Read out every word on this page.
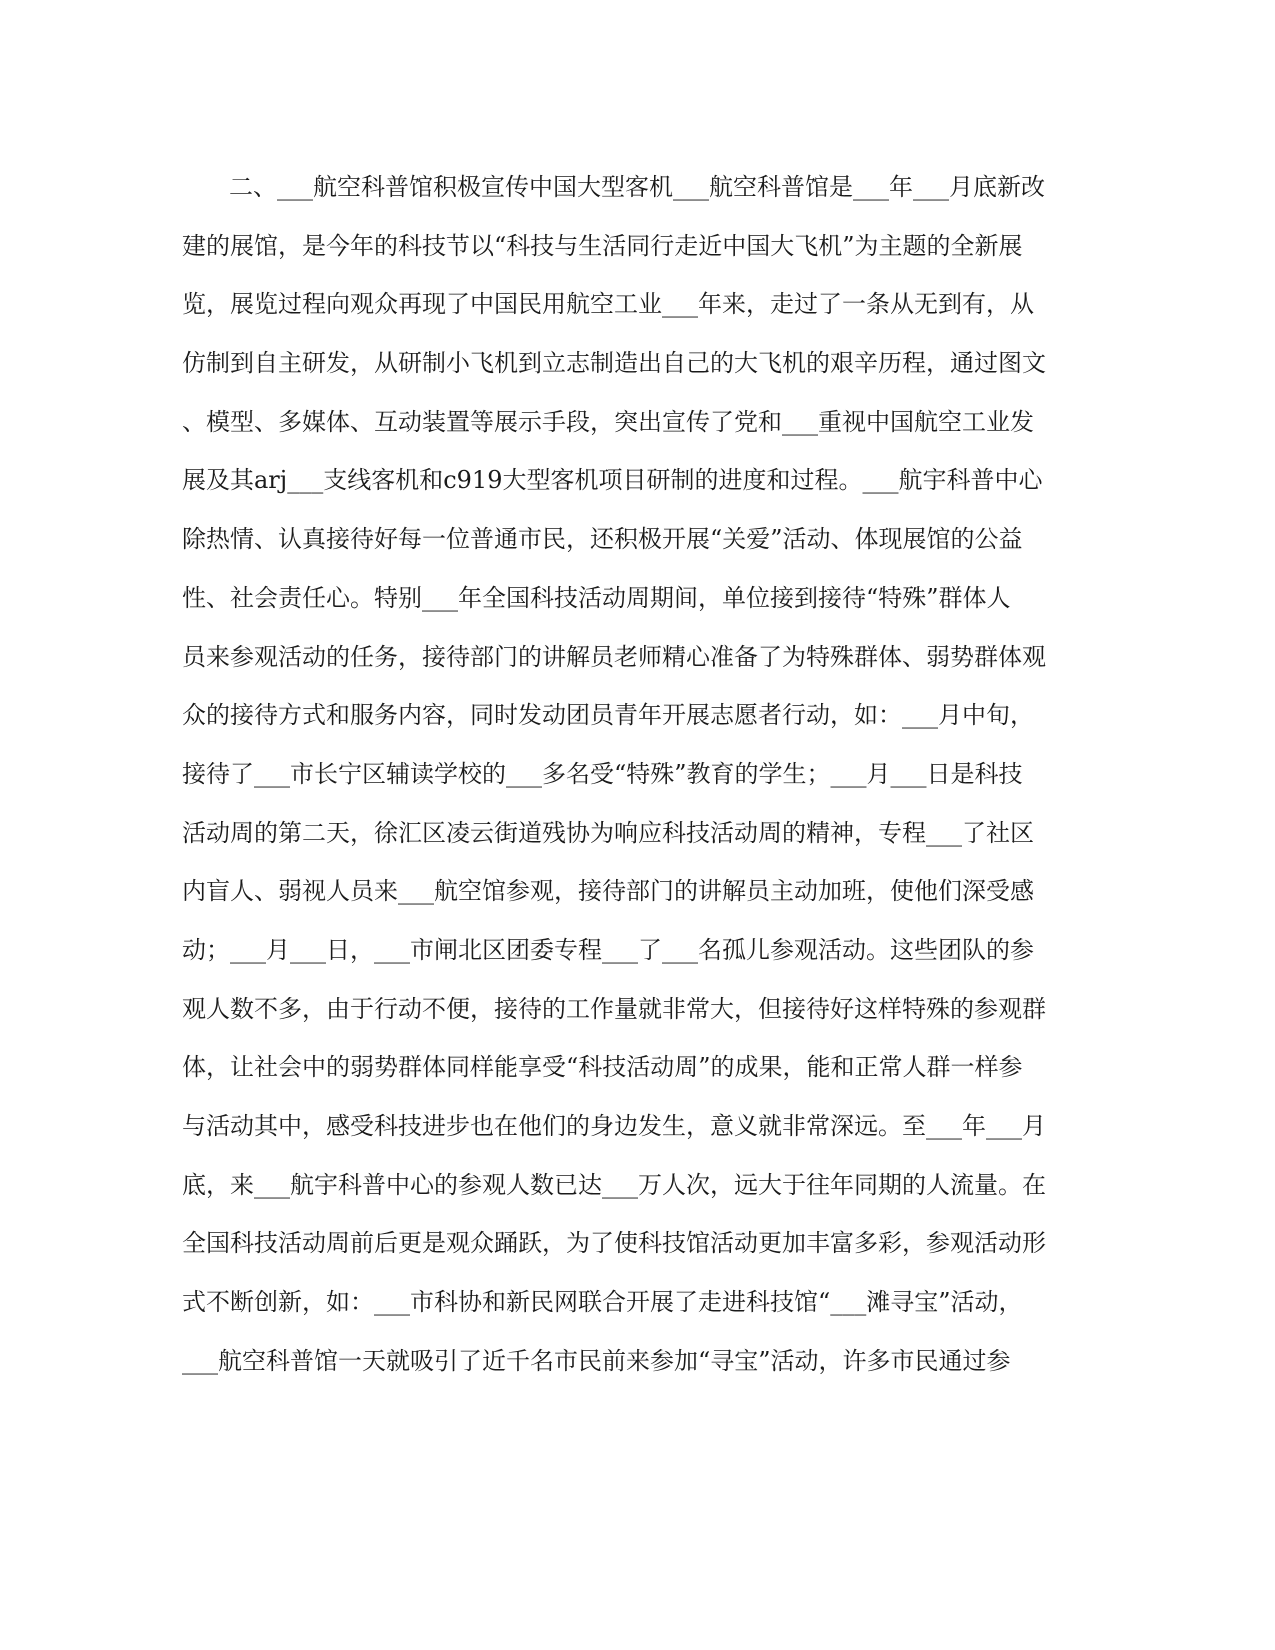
二、___航空科普馆积极宣传中国大型客机___航空科普馆是___年___月底新改
建的展馆，是今年的科技节以“科技与生活同行走近中国大飞机”为主题的全新展
览，展览过程向观众再现了中国民用航空工业___年来，走过了一条从无到有，从
仿制到自主研发，从研制小飞机到立志制造出自己的大飞机的艰辛历程，通过图文
、模型、多媒体、互动装置等展示手段，突出宣传了党和___重视中国航空工业发
展及其arj___支线客机和c919大型客机项目研制的进度和过程。___航宇科普中心
除热情、认真接待好每一位普通市民，还积极开展“关爱”活动、体现展馆的公益
性、社会责任心。特别___年全国科技活动周期间，单位接到接待“特殊”群体人
员来参观活动的任务，接待部门的讲解员老师精心准备了为特殊群体、弱势群体观
众的接待方式和服务内容，同时发动团员青年开展志愿者行动，如：___月中旬，
接待了___市长宁区辅读学校的___多名受“特殊”教育的学生；___月___日是科技
活动周的第二天，徐汇区凌云街道残协为响应科技活动周的精神，专程___了社区
内盲人、弱视人员来___航空馆参观，接待部门的讲解员主动加班，使他们深受感
动；___月___日，___市闸北区团委专程___了___名孤儿参观活动。这些团队的参
观人数不多，由于行动不便，接待的工作量就非常大，但接待好这样特殊的参观群
体，让社会中的弱势群体同样能享受“科技活动周”的成果，能和正常人群一样参
与活动其中，感受科技进步也在他们的身边发生，意义就非常深远。至___年___月
底，来___航宇科普中心的参观人数已达___万人次，远大于往年同期的人流量。在
全国科技活动周前后更是观众踊跃，为了使科技馆活动更加丰富多彩，参观活动形
式不断创新，如：___市科协和新民网联合开展了走进科技馆“___滩寻宝”活动，
___航空科普馆一天就吸引了近千名市民前来参加“寻宝”活动，许多市民通过参
